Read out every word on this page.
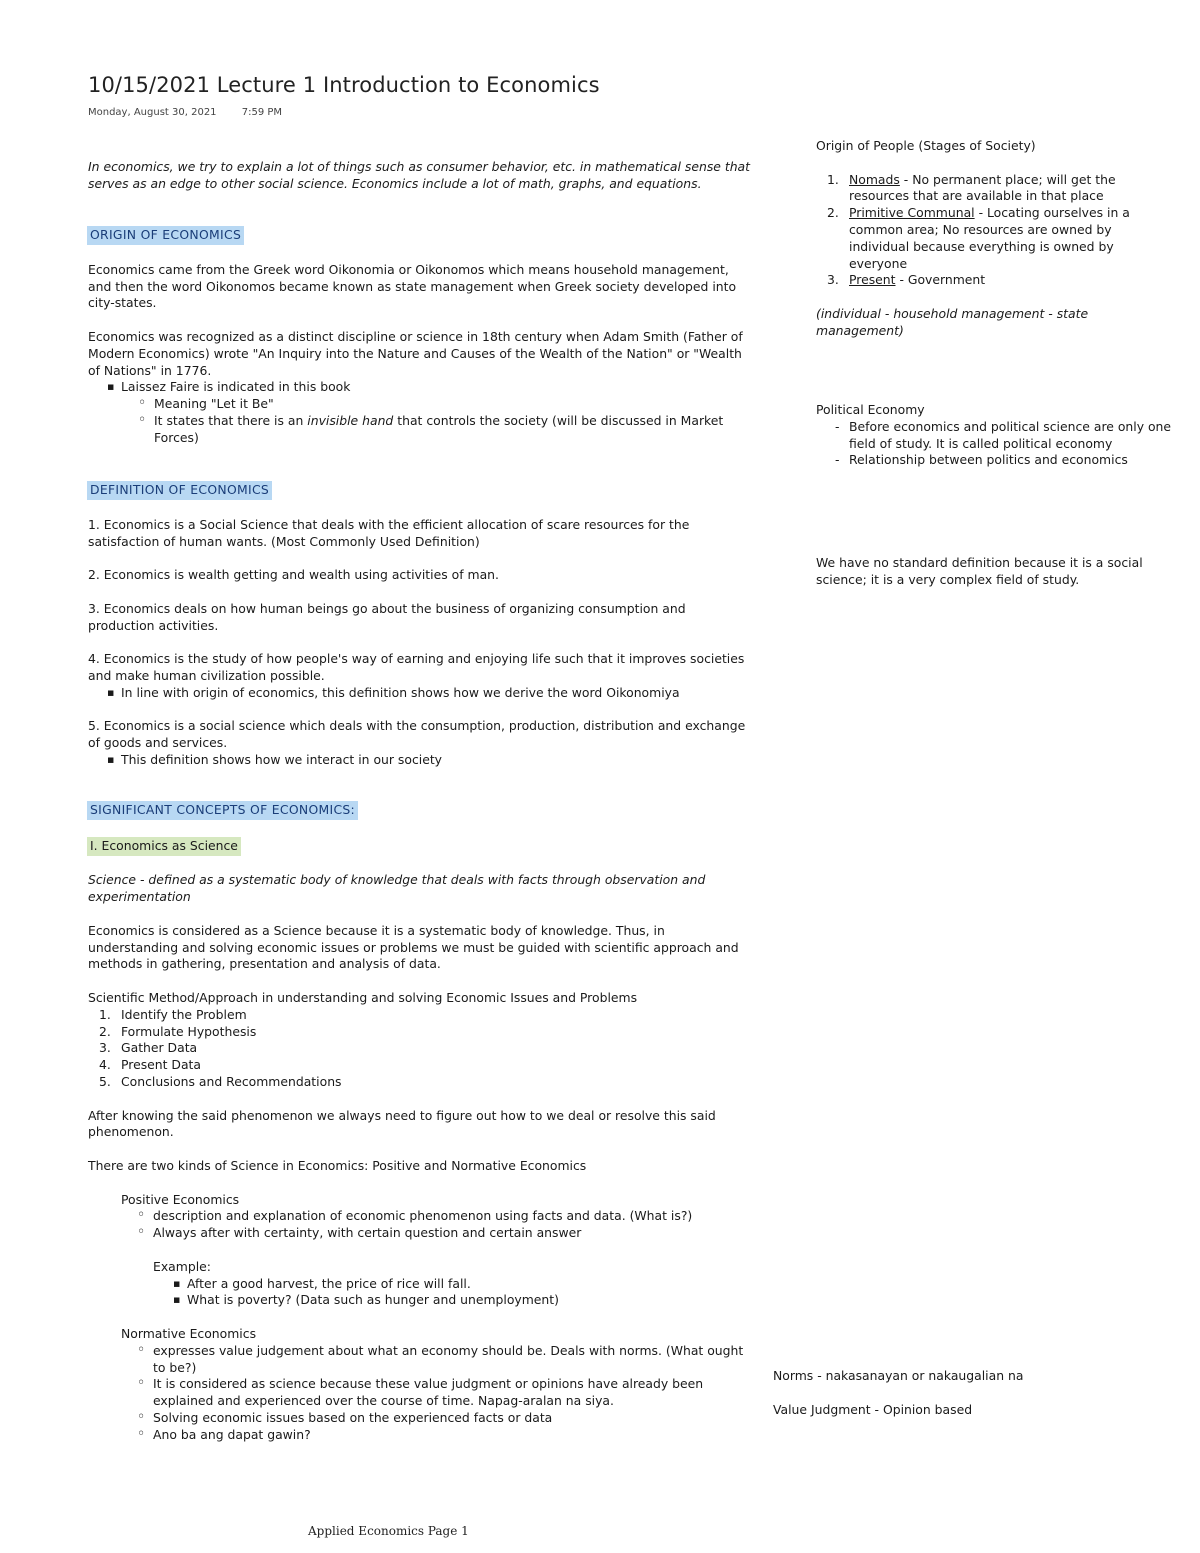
10/15/2021 Lecture 1 Introduction to Economics
Monday, August 30, 2021	7:59 PM

In economics, we try to explain a lot of things such as consumer behavior, etc. in mathematical sense that serves as an edge to other social science. Economics include a lot of math, graphs, and equations.

ORIGIN OF ECONOMICS

Economics came from the Greek word Oikonomia or Oikonomos which means household management, and then the word Oikonomos became known as state management when Greek society developed into city-states.

Economics was recognized as a distinct discipline or science in 18th century when Adam Smith (Father of Modern Economics) wrote "An Inquiry into the Nature and Causes of the Wealth of the Nation" or "Wealth of Nations" in 1776.

▪ Laissez Faire is indicated in this book
◦ Meaning "Let it Be"
◦ It states that there is an invisible hand that controls the society (will be discussed in Market Forces)

DEFINITION OF ECONOMICS

1. Economics is a Social Science that deals with the efficient allocation of scare resources for the satisfaction of human wants. (Most Commonly Used Definition)

2. Economics is wealth getting and wealth using activities of man.

3. Economics deals on how human beings go about the business of organizing consumption and production activities.

4. Economics is the study of how people's way of earning and enjoying life such that it improves societies and make human civilization possible.

▪ In line with origin of economics, this definition shows how we derive the word Oikonomiya

5. Economics is a social science which deals with the consumption, production, distribution and exchange of goods and services.

▪ This definition shows how we interact in our society

SIGNIFICANT CONCEPTS OF ECONOMICS:

I. Economics as Science

Science - defined as a systematic body of knowledge that deals with facts through observation and experimentation

Economics is considered as a Science because it is a systematic body of knowledge. Thus, in understanding and solving economic issues or problems we must be guided with scientific approach and methods in gathering, presentation and analysis of data.

Scientific Method/Approach in understanding and solving Economic Issues and Problems

1. Identify the Problem
2. Formulate Hypothesis
3. Gather Data
4. Present Data
5. Conclusions and Recommendations

After knowing the said phenomenon we always need to figure out how to we deal or resolve this said phenomenon.

There are two kinds of Science in Economics: Positive and Normative Economics

Positive Economics

◦ description and explanation of economic phenomenon using facts and data. (What is?)
◦ Always after with certainty, with certain question and certain answer

Example:

▪ After a good harvest, the price of rice will fall.
▪ What is poverty? (Data such as hunger and unemployment)

Normative Economics

◦ expresses value judgement about what an economy should be. Deals with norms. (What ought to be?)
◦ It is considered as science because these value judgment or opinions have already been explained and experienced over the course of time. Napag-aralan na siya.
◦ Solving economic issues based on the experienced facts or data
◦ Ano ba ang dapat gawin?

Origin of People (Stages of Society)

1. Nomads - No permanent place; will get the resources that are available in that place
2. Primitive Communal - Locating ourselves in a common area; No resources are owned by individual because everything is owned by everyone
3. Present - Government

(individual - household management - state management)

Political Economy

- Before economics and political science are only one field of study. It is called political economy
- Relationship between politics and economics

We have no standard definition because it is a social science; it is a very complex field of study.

Norms - nakasanayan or nakaugalian na

Value Judgment - Opinion based

Applied Economics Page 1
